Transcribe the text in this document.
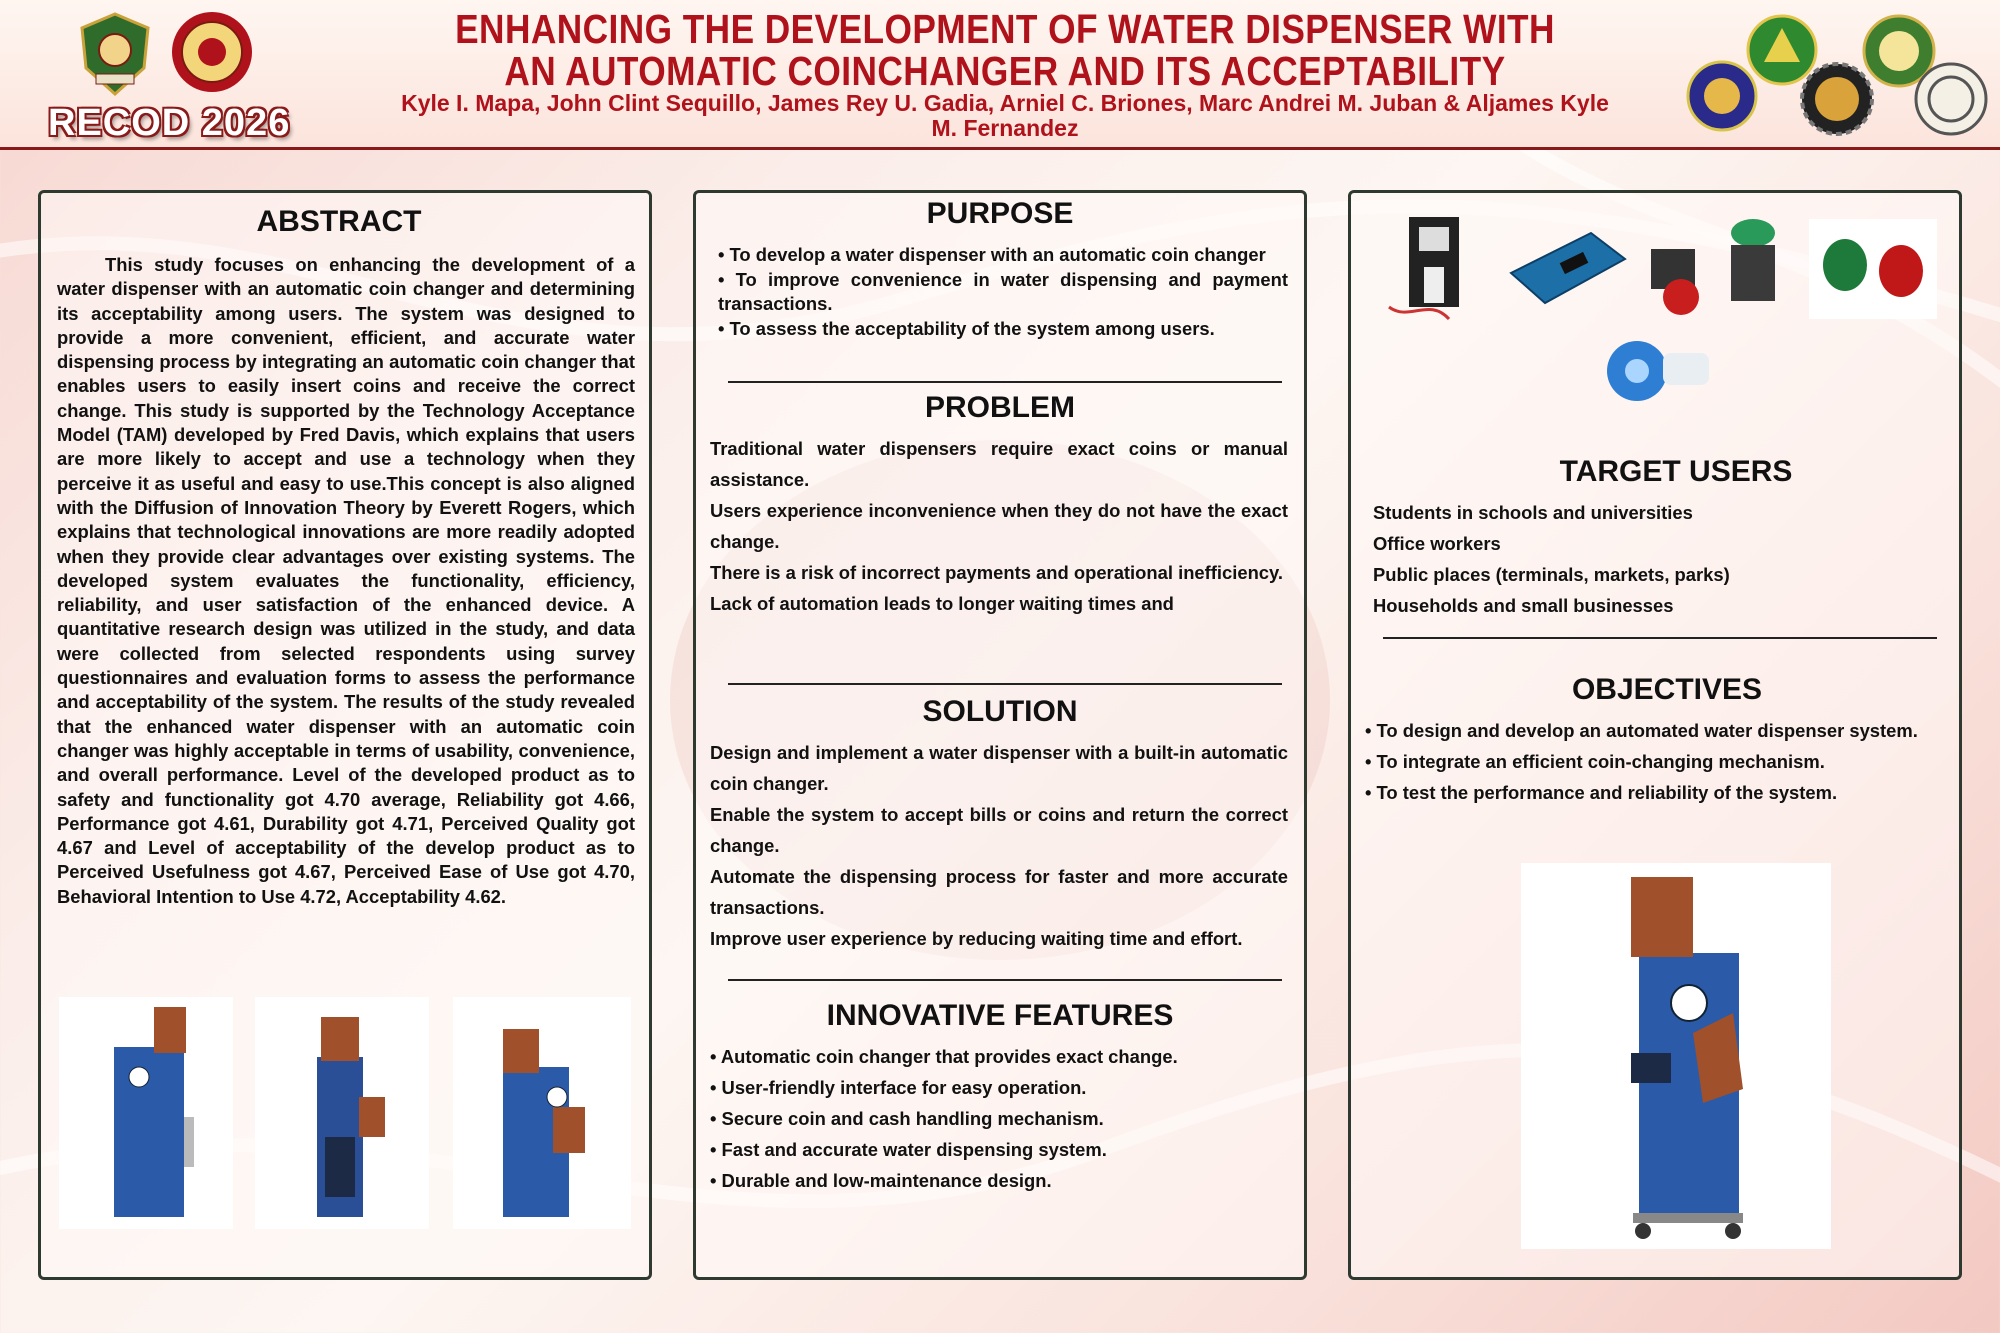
RECOD 2026
ENHANCING THE DEVELOPMENT OF WATER DISPENSER WITH AN AUTOMATIC COINCHANGER AND ITS ACCEPTABILITY
Kyle I. Mapa, John Clint Sequillo, James Rey U. Gadia, Arniel C. Briones, Marc Andrei M. Juban & Aljames Kyle M. Fernandez
ABSTRACT
This study focuses on enhancing the development of a water dispenser with an automatic coin changer and determining its acceptability among users. The system was designed to provide a more convenient, efficient, and accurate water dispensing process by integrating an automatic coin changer that enables users to easily insert coins and receive the correct change. This study is supported by the Technology Acceptance Model (TAM) developed by Fred Davis, which explains that users are more likely to accept and use a technology when they perceive it as useful and easy to use.This concept is also aligned with the Diffusion of Innovation Theory by Everett Rogers, which explains that technological innovations are more readily adopted when they provide clear advantages over existing systems. The developed system evaluates the functionality, efficiency, reliability, and user satisfaction of the enhanced device. A quantitative research design was utilized in the study, and data were collected from selected respondents using survey questionnaires and evaluation forms to assess the performance and acceptability of the system. The results of the study revealed that the enhanced water dispenser with an automatic coin changer was highly acceptable in terms of usability, convenience, and overall performance. Level of the developed product as to safety and functionality got 4.70 average, Reliability got 4.66, Performance got 4.61, Durability got 4.71, Perceived Quality got 4.67 and Level of acceptability of the develop product as to Perceived Usefulness got 4.67, Perceived Ease of Use got 4.70, Behavioral Intention to Use 4.72, Acceptability 4.62.
PURPOSE
• To develop a water dispenser with an automatic coin changer
• To improve convenience in water dispensing and payment transactions.
• To assess the acceptability of the system among users.
PROBLEM
Traditional water dispensers require exact coins or manual assistance.
Users experience inconvenience when they do not have the exact change.
There is a risk of incorrect payments and operational inefficiency.
Lack of automation leads to longer waiting times and
SOLUTION
Design and implement a water dispenser with a built-in automatic coin changer.
Enable the system to accept bills or coins and return the correct change.
Automate the dispensing process for faster and more accurate transactions.
Improve user experience by reducing waiting time and effort.
INNOVATIVE FEATURES
• Automatic coin changer that provides exact change.
• User-friendly interface for easy operation.
• Secure coin and cash handling mechanism.
• Fast and accurate water dispensing system.
• Durable and low-maintenance design.
TARGET USERS
Students in schools and universities
Office workers
Public places (terminals, markets, parks)
Households and small businesses
OBJECTIVES
• To design and develop an automated water dispenser system.
• To integrate an efficient coin-changing mechanism.
• To test the performance and reliability of the system.
